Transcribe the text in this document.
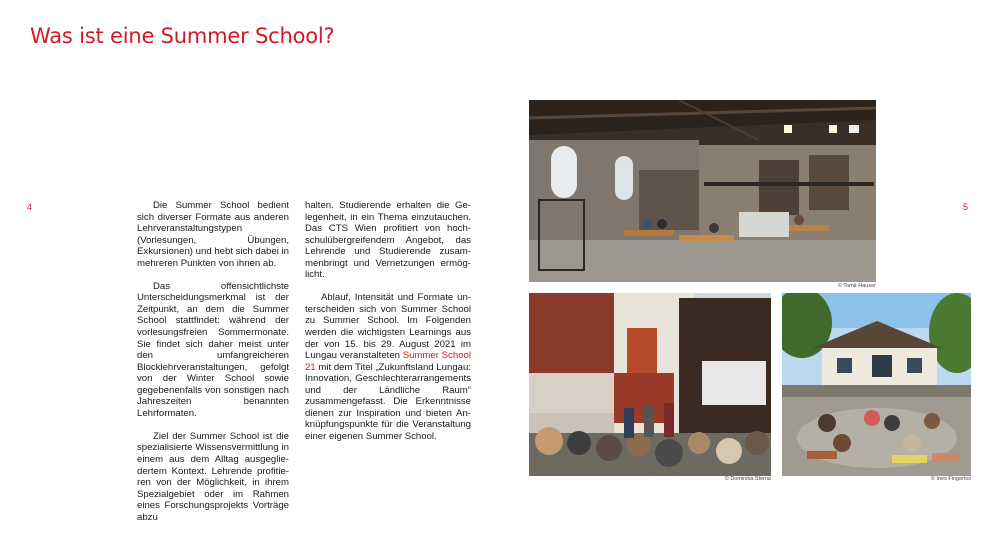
Was ist eine Summer School?
4	5

Die Summer School bedient sich diverser Formate aus anderen Lehrveranstaltungstypen (Vorlesungen, Übungen, Exkursionen) und hebt sich dabei in mehreren Punkten von ihnen ab.

Das offensichtlichste Unterscheidungsmerkmal ist der Zeitpunkt, an dem die Summer School stattfindet: während der vorlesungsfreien Sommermonate. Sie findet sich daher meist unter den umfangreicheren Blocklehrveranstaltungen, gefolgt von der Winter School sowie gegebenenfalls von sonstigen nach Jahreszeiten benannten Lehrformaten.

Ziel der Summer School ist die spezialisierte Wissensvermittlung in einem aus dem Alltag ausgegliedertem Kontext. Lehrende profitieren von der Möglichkeit, in ihrem Spezialgebiet oder im Rahmen eines Forschungsprojekts Vorträge abzu

halten. Studierende erhalten die Gelegenheit, in ein Thema einzutauchen. Das CTS Wien profitiert von hochschulübergreifendem Angebot, das Lehrende und Studierende zusammenbringt und Vernetzungen ermöglicht.

Ablauf, Intensität und Formate unterscheiden sich von Summer School zu Summer School. Im Folgenden werden die wichtigsten Learnings aus der von 15. bis 29. August 2021 im Lungau veranstalteten Summer School 21 mit dem Titel „Zukunftsland Lungau: Innovation, Geschlechterarrangements und der Ländliche Raum“ zusammengefasst. Die Erkenntnisse dienen zur Inspiration und bieten Anknüpfungspunkte für die Veranstaltung einer eigenen Summer School.

© Tomé Hauser
© Dominika Sterna	© Ines Fingerlos
